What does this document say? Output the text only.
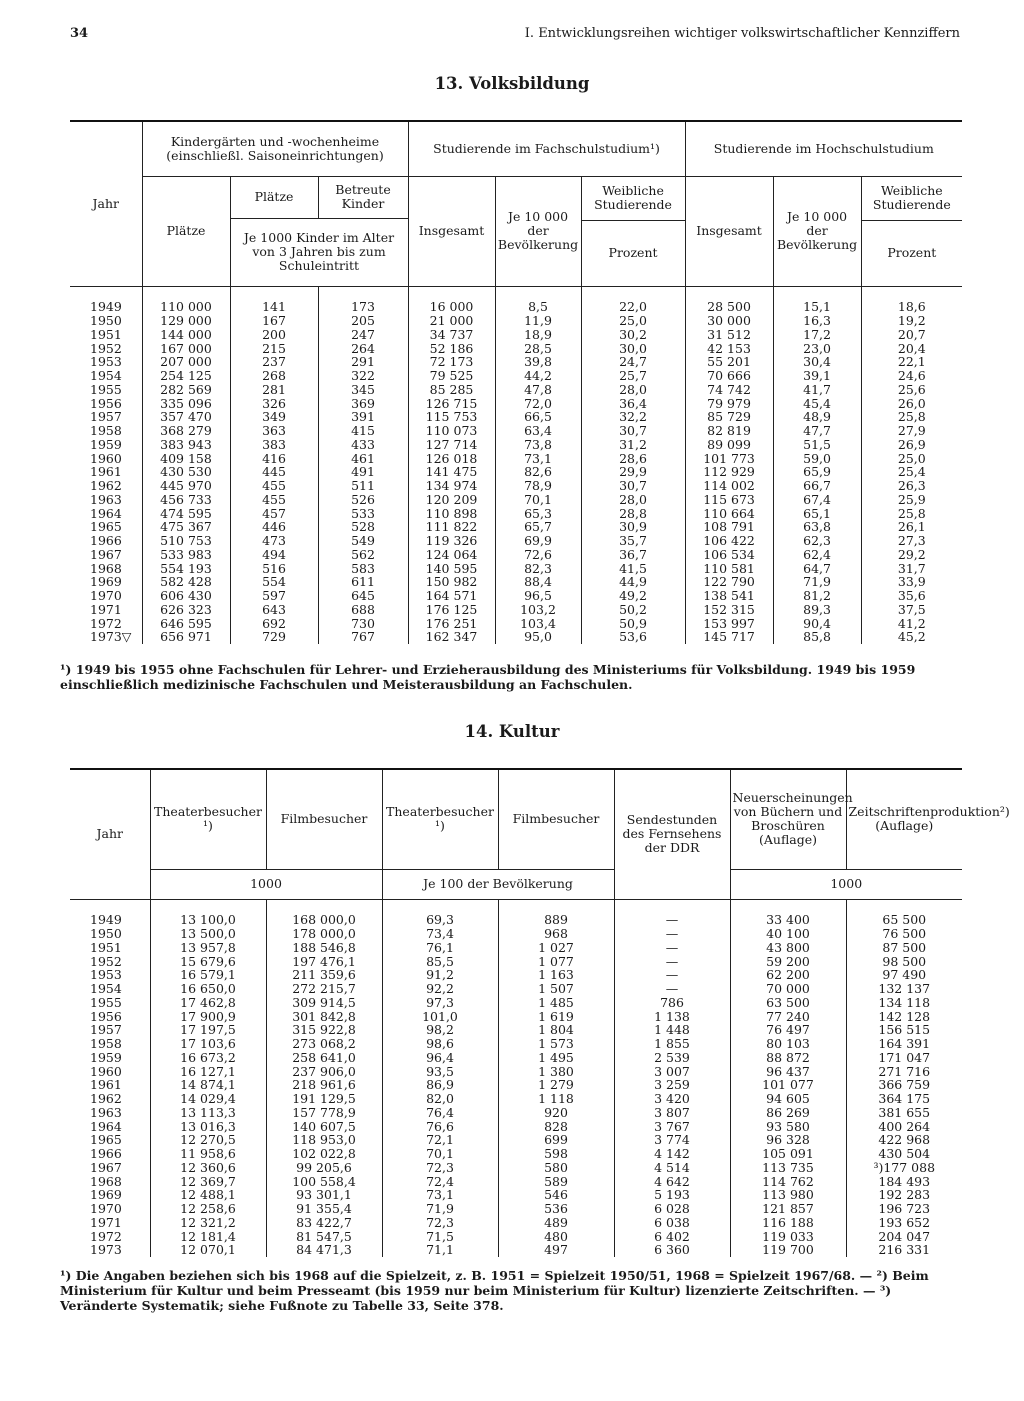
34	I. Entwicklungsreihen wichtiger volkswirtschaftlicher Kennziffern
13. Volksbildung
Jahr	Kindergärten und -wochenheime (einschließl. Saisoneinrichtungen)			Studierende im Fachschulstudium¹)			Studierende im Hochschulstudium		
	Plätze	Plätze	Betreute Kinder	Insgesamt	Je 10 000 der Bevölkerung	Weibliche Studierende	Insgesamt	Je 10 000 der Bevölkerung	Weibliche Studierende
		Je 1000 Kinder im Alter von 3 Jahren bis zum Schuleintritt							
						Prozent			Prozent

1949	110 000	141	173	16 000	8,5	22,0	28 500	15,1	18,6
1950	129 000	167	205	21 000	11,9	25,0	30 000	16,3	19,2
1951	144 000	200	247	34 737	18,9	30,2	31 512	17,2	20,7
1952	167 000	215	264	52 186	28,5	30,0	42 153	23,0	20,4
1953	207 000	237	291	72 173	39,8	24,7	55 201	30,4	22,1
1954	254 125	268	322	79 525	44,2	25,7	70 666	39,1	24,6
1955	282 569	281	345	85 285	47,8	28,0	74 742	41,7	25,6
1956	335 096	326	369	126 715	72,0	36,4	79 979	45,4	26,0
1957	357 470	349	391	115 753	66,5	32,2	85 729	48,9	25,8
1958	368 279	363	415	110 073	63,4	30,7	82 819	47,7	27,9
1959	383 943	383	433	127 714	73,8	31,2	89 099	51,5	26,9
1960	409 158	416	461	126 018	73,1	28,6	101 773	59,0	25,0
1961	430 530	445	491	141 475	82,6	29,9	112 929	65,9	25,4
1962	445 970	455	511	134 974	78,9	30,7	114 002	66,7	26,3
1963	456 733	455	526	120 209	70,1	28,0	115 673	67,4	25,9
1964	474 595	457	533	110 898	65,3	28,8	110 664	65,1	25,8
1965	475 367	446	528	111 822	65,7	30,9	108 791	63,8	26,1
1966	510 753	473	549	119 326	69,9	35,7	106 422	62,3	27,3
1967	533 983	494	562	124 064	72,6	36,7	106 534	62,4	29,2
1968	554 193	516	583	140 595	82,3	41,5	110 581	64,7	31,7
1969	582 428	554	611	150 982	88,4	44,9	122 790	71,9	33,9
1970	606 430	597	645	164 571	96,5	49,2	138 541	81,2	35,6
1971	626 323	643	688	176 125	103,2	50,2	152 315	89,3	37,5
1972	646 595	692	730	176 251	103,4	50,9	153 997	90,4	41,2
1973▽	656 971	729	767	162 347	95,0	53,6	145 717	85,8	45,2
¹) 1949 bis 1955 ohne Fachschulen für Lehrer- und Erzieherausbildung des Ministeriums für Volksbildung. 1949 bis 1959 einschließlich medizinische Fachschulen und Meisterausbildung an Fachschulen.
14. Kultur
Jahr	Theaterbesucher ¹)	Filmbesucher	Theaterbesucher ¹)	Filmbesucher	Sendestunden des Fernsehens der DDR	Neuerscheinungen von Büchern und Broschüren (Auflage)	Zeitschriftenproduktion²) (Auflage)
	1000		Je 100 der Bevölkerung			1000	

1949	13 100,0	168 000,0	69,3	889	—	33 400	65 500
1950	13 500,0	178 000,0	73,4	968	—	40 100	76 500
1951	13 957,8	188 546,8	76,1	1 027	—	43 800	87 500
1952	15 679,6	197 476,1	85,5	1 077	—	59 200	98 500
1953	16 579,1	211 359,6	91,2	1 163	—	62 200	97 490
1954	16 650,0	272 215,7	92,2	1 507	—	70 000	132 137
1955	17 462,8	309 914,5	97,3	1 485	786	63 500	134 118
1956	17 900,9	301 842,8	101,0	1 619	1 138	77 240	142 128
1957	17 197,5	315 922,8	98,2	1 804	1 448	76 497	156 515
1958	17 103,6	273 068,2	98,6	1 573	1 855	80 103	164 391
1959	16 673,2	258 641,0	96,4	1 495	2 539	88 872	171 047
1960	16 127,1	237 906,0	93,5	1 380	3 007	96 437	271 716
1961	14 874,1	218 961,6	86,9	1 279	3 259	101 077	366 759
1962	14 029,4	191 129,5	82,0	1 118	3 420	94 605	364 175
1963	13 113,3	157 778,9	76,4	920	3 807	86 269	381 655
1964	13 016,3	140 607,5	76,6	828	3 767	93 580	400 264
1965	12 270,5	118 953,0	72,1	699	3 774	96 328	422 968
1966	11 958,6	102 022,8	70,1	598	4 142	105 091	430 504
1967	12 360,6	99 205,6	72,3	580	4 514	113 735	³)177 088
1968	12 369,7	100 558,4	72,4	589	4 642	114 762	184 493
1969	12 488,1	93 301,1	73,1	546	5 193	113 980	192 283
1970	12 258,6	91 355,4	71,9	536	6 028	121 857	196 723
1971	12 321,2	83 422,7	72,3	489	6 038	116 188	193 652
1972	12 181,4	81 547,5	71,5	480	6 402	119 033	204 047
1973	12 070,1	84 471,3	71,1	497	6 360	119 700	216 331
¹) Die Angaben beziehen sich bis 1968 auf die Spielzeit, z. B. 1951 = Spielzeit 1950/51, 1968 = Spielzeit 1967/68. — ²) Beim Ministerium für Kultur und beim Presseamt (bis 1959 nur beim Ministerium für Kultur) lizenzierte Zeitschriften. — ³) Veränderte Systematik; siehe Fußnote zu Tabelle 33, Seite 378.
